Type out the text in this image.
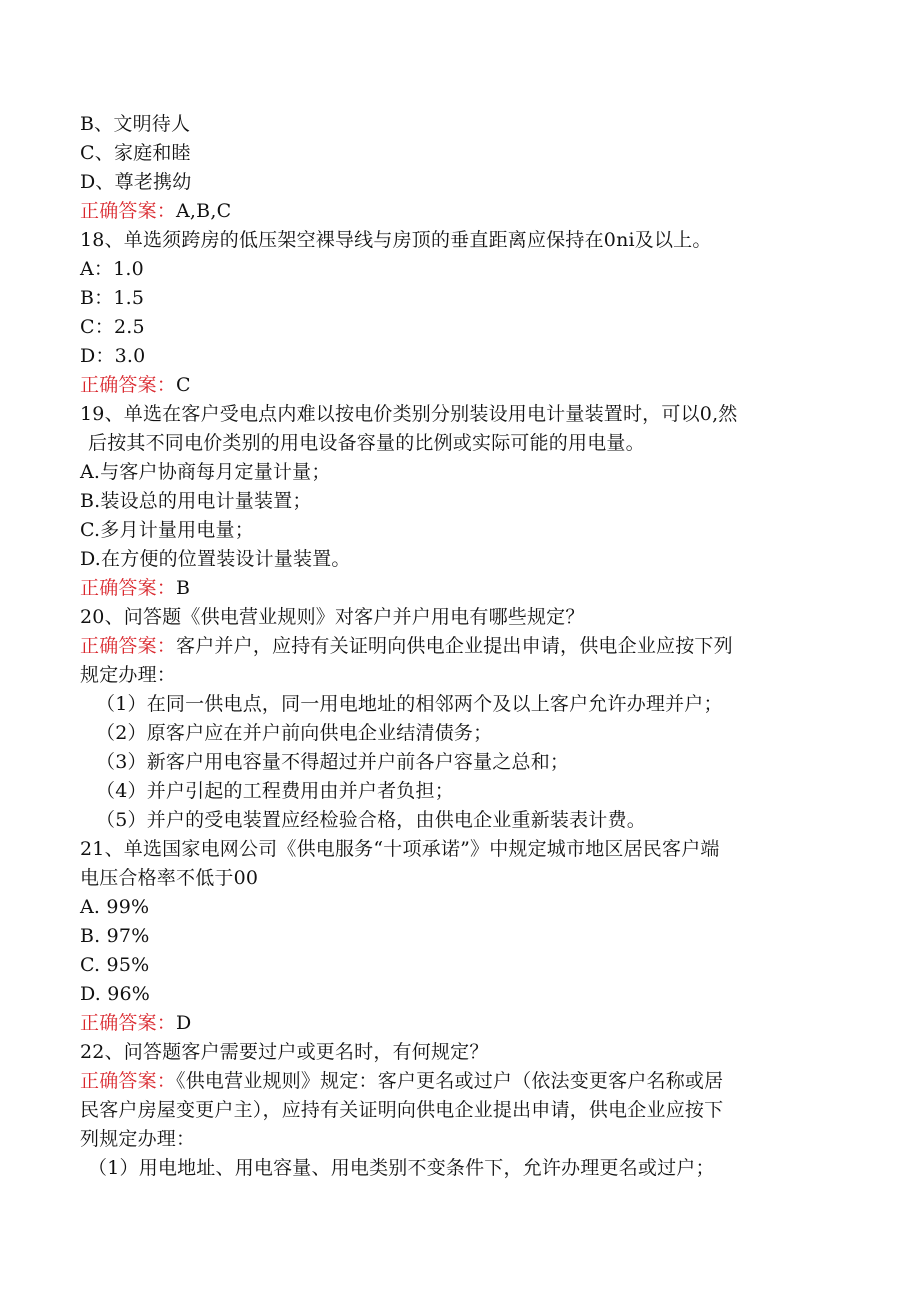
B、文明待人
C、家庭和睦
D、尊老携幼
正确答案：A,B,C
18、单选须跨房的低压架空裸导线与房顶的垂直距离应保持在0ni及以上。
A：1.0
B：1.5
C：2.5
D：3.0
正确答案：C
19、单选在客户受电点内难以按电价类别分别装设用电计量装置时，可以0,然
后按其不同电价类别的用电设备容量的比例或实际可能的用电量。
A.与客户协商每月定量计量；
B.装设总的用电计量装置；
C.多月计量用电量；
D.在方便的位置装设计量装置。
正确答案：B
20、问答题《供电营业规则》对客户并户用电有哪些规定？
正确答案：客户并户，应持有关证明向供电企业提出申请，供电企业应按下列
规定办理：
（1）在同一供电点，同一用电地址的相邻两个及以上客户允许办理并户；
（2）原客户应在并户前向供电企业结清债务；
（3）新客户用电容量不得超过并户前各户容量之总和；
（4）并户引起的工程费用由并户者负担；
（5）并户的受电装置应经检验合格，由供电企业重新装表计费。
21、单选国家电网公司《供电服务“十项承诺”》中规定城市地区居民客户端
电压合格率不低于00
A. 99%
B. 97%
C. 95%
D. 96%
正确答案：D
22、问答题客户需要过户或更名时，有何规定？
正确答案：《供电营业规则》规定：客户更名或过户（依法变更客户名称或居
民客户房屋变更户主），应持有关证明向供电企业提出申请，供电企业应按下
列规定办理：
（1）用电地址、用电容量、用电类别不变条件下，允许办理更名或过户；
